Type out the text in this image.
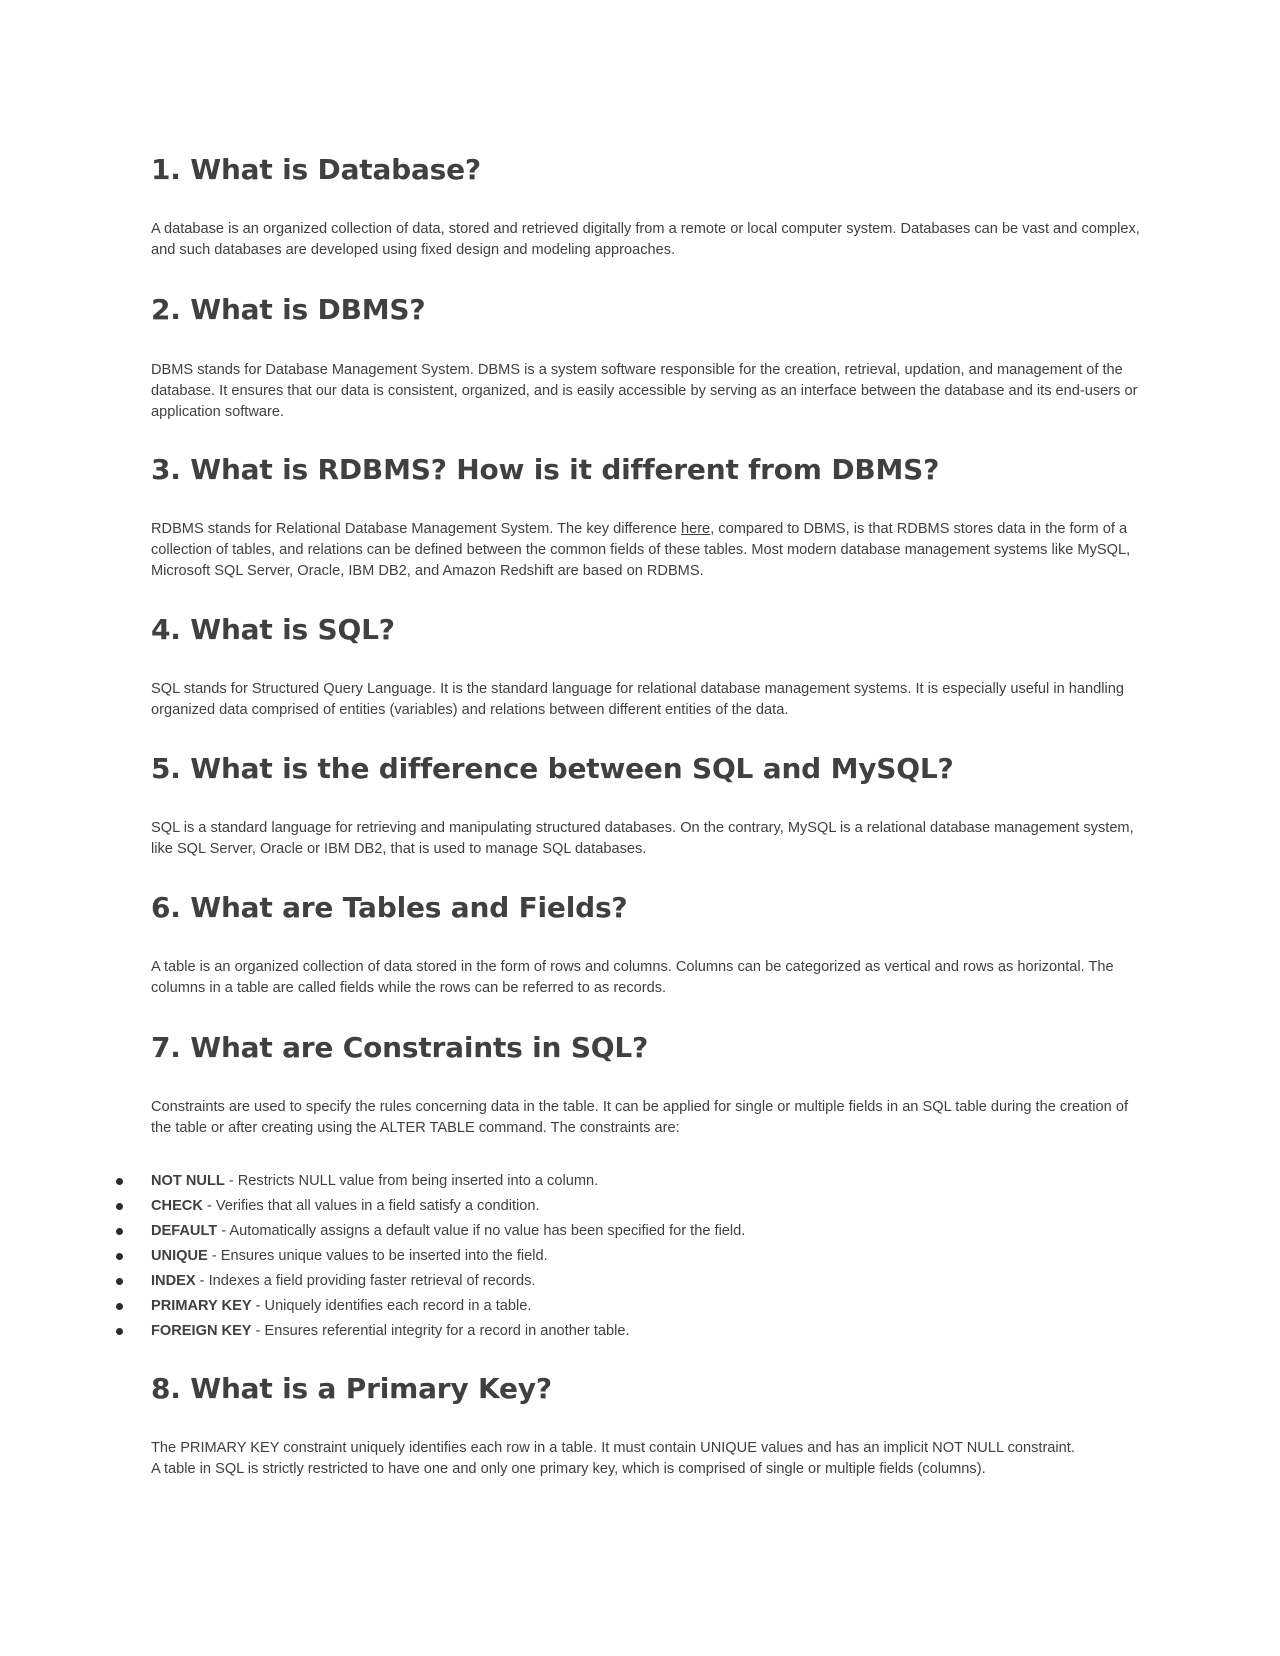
1. What is Database?

A database is an organized collection of data, stored and retrieved digitally from a remote or local computer system. Databases can be vast and complex, and such databases are developed using fixed design and modeling approaches.

2. What is DBMS?

DBMS stands for Database Management System. DBMS is a system software responsible for the creation, retrieval, updation, and management of the database. It ensures that our data is consistent, organized, and is easily accessible by serving as an interface between the database and its end-users or application software.

3. What is RDBMS? How is it different from DBMS?

RDBMS stands for Relational Database Management System. The key difference here, compared to DBMS, is that RDBMS stores data in the form of a collection of tables, and relations can be defined between the common fields of these tables. Most modern database management systems like MySQL, Microsoft SQL Server, Oracle, IBM DB2, and Amazon Redshift are based on RDBMS.

4. What is SQL?

SQL stands for Structured Query Language. It is the standard language for relational database management systems. It is especially useful in handling organized data comprised of entities (variables) and relations between different entities of the data.

5. What is the difference between SQL and MySQL?

SQL is a standard language for retrieving and manipulating structured databases. On the contrary, MySQL is a relational database management system, like SQL Server, Oracle or IBM DB2, that is used to manage SQL databases.

6. What are Tables and Fields?

A table is an organized collection of data stored in the form of rows and columns. Columns can be categorized as vertical and rows as horizontal. The columns in a table are called fields while the rows can be referred to as records.

7. What are Constraints in SQL?

Constraints are used to specify the rules concerning data in the table. It can be applied for single or multiple fields in an SQL table during the creation of the table or after creating using the ALTER TABLE command. The constraints are:

NOT NULL - Restricts NULL value from being inserted into a column.
CHECK - Verifies that all values in a field satisfy a condition.
DEFAULT - Automatically assigns a default value if no value has been specified for the field.
UNIQUE - Ensures unique values to be inserted into the field.
INDEX - Indexes a field providing faster retrieval of records.
PRIMARY KEY - Uniquely identifies each record in a table.
FOREIGN KEY - Ensures referential integrity for a record in another table.
8. What is a Primary Key?

The PRIMARY KEY constraint uniquely identifies each row in a table. It must contain UNIQUE values and has an implicit NOT NULL constraint.

A table in SQL is strictly restricted to have one and only one primary key, which is comprised of single or multiple fields (columns).
